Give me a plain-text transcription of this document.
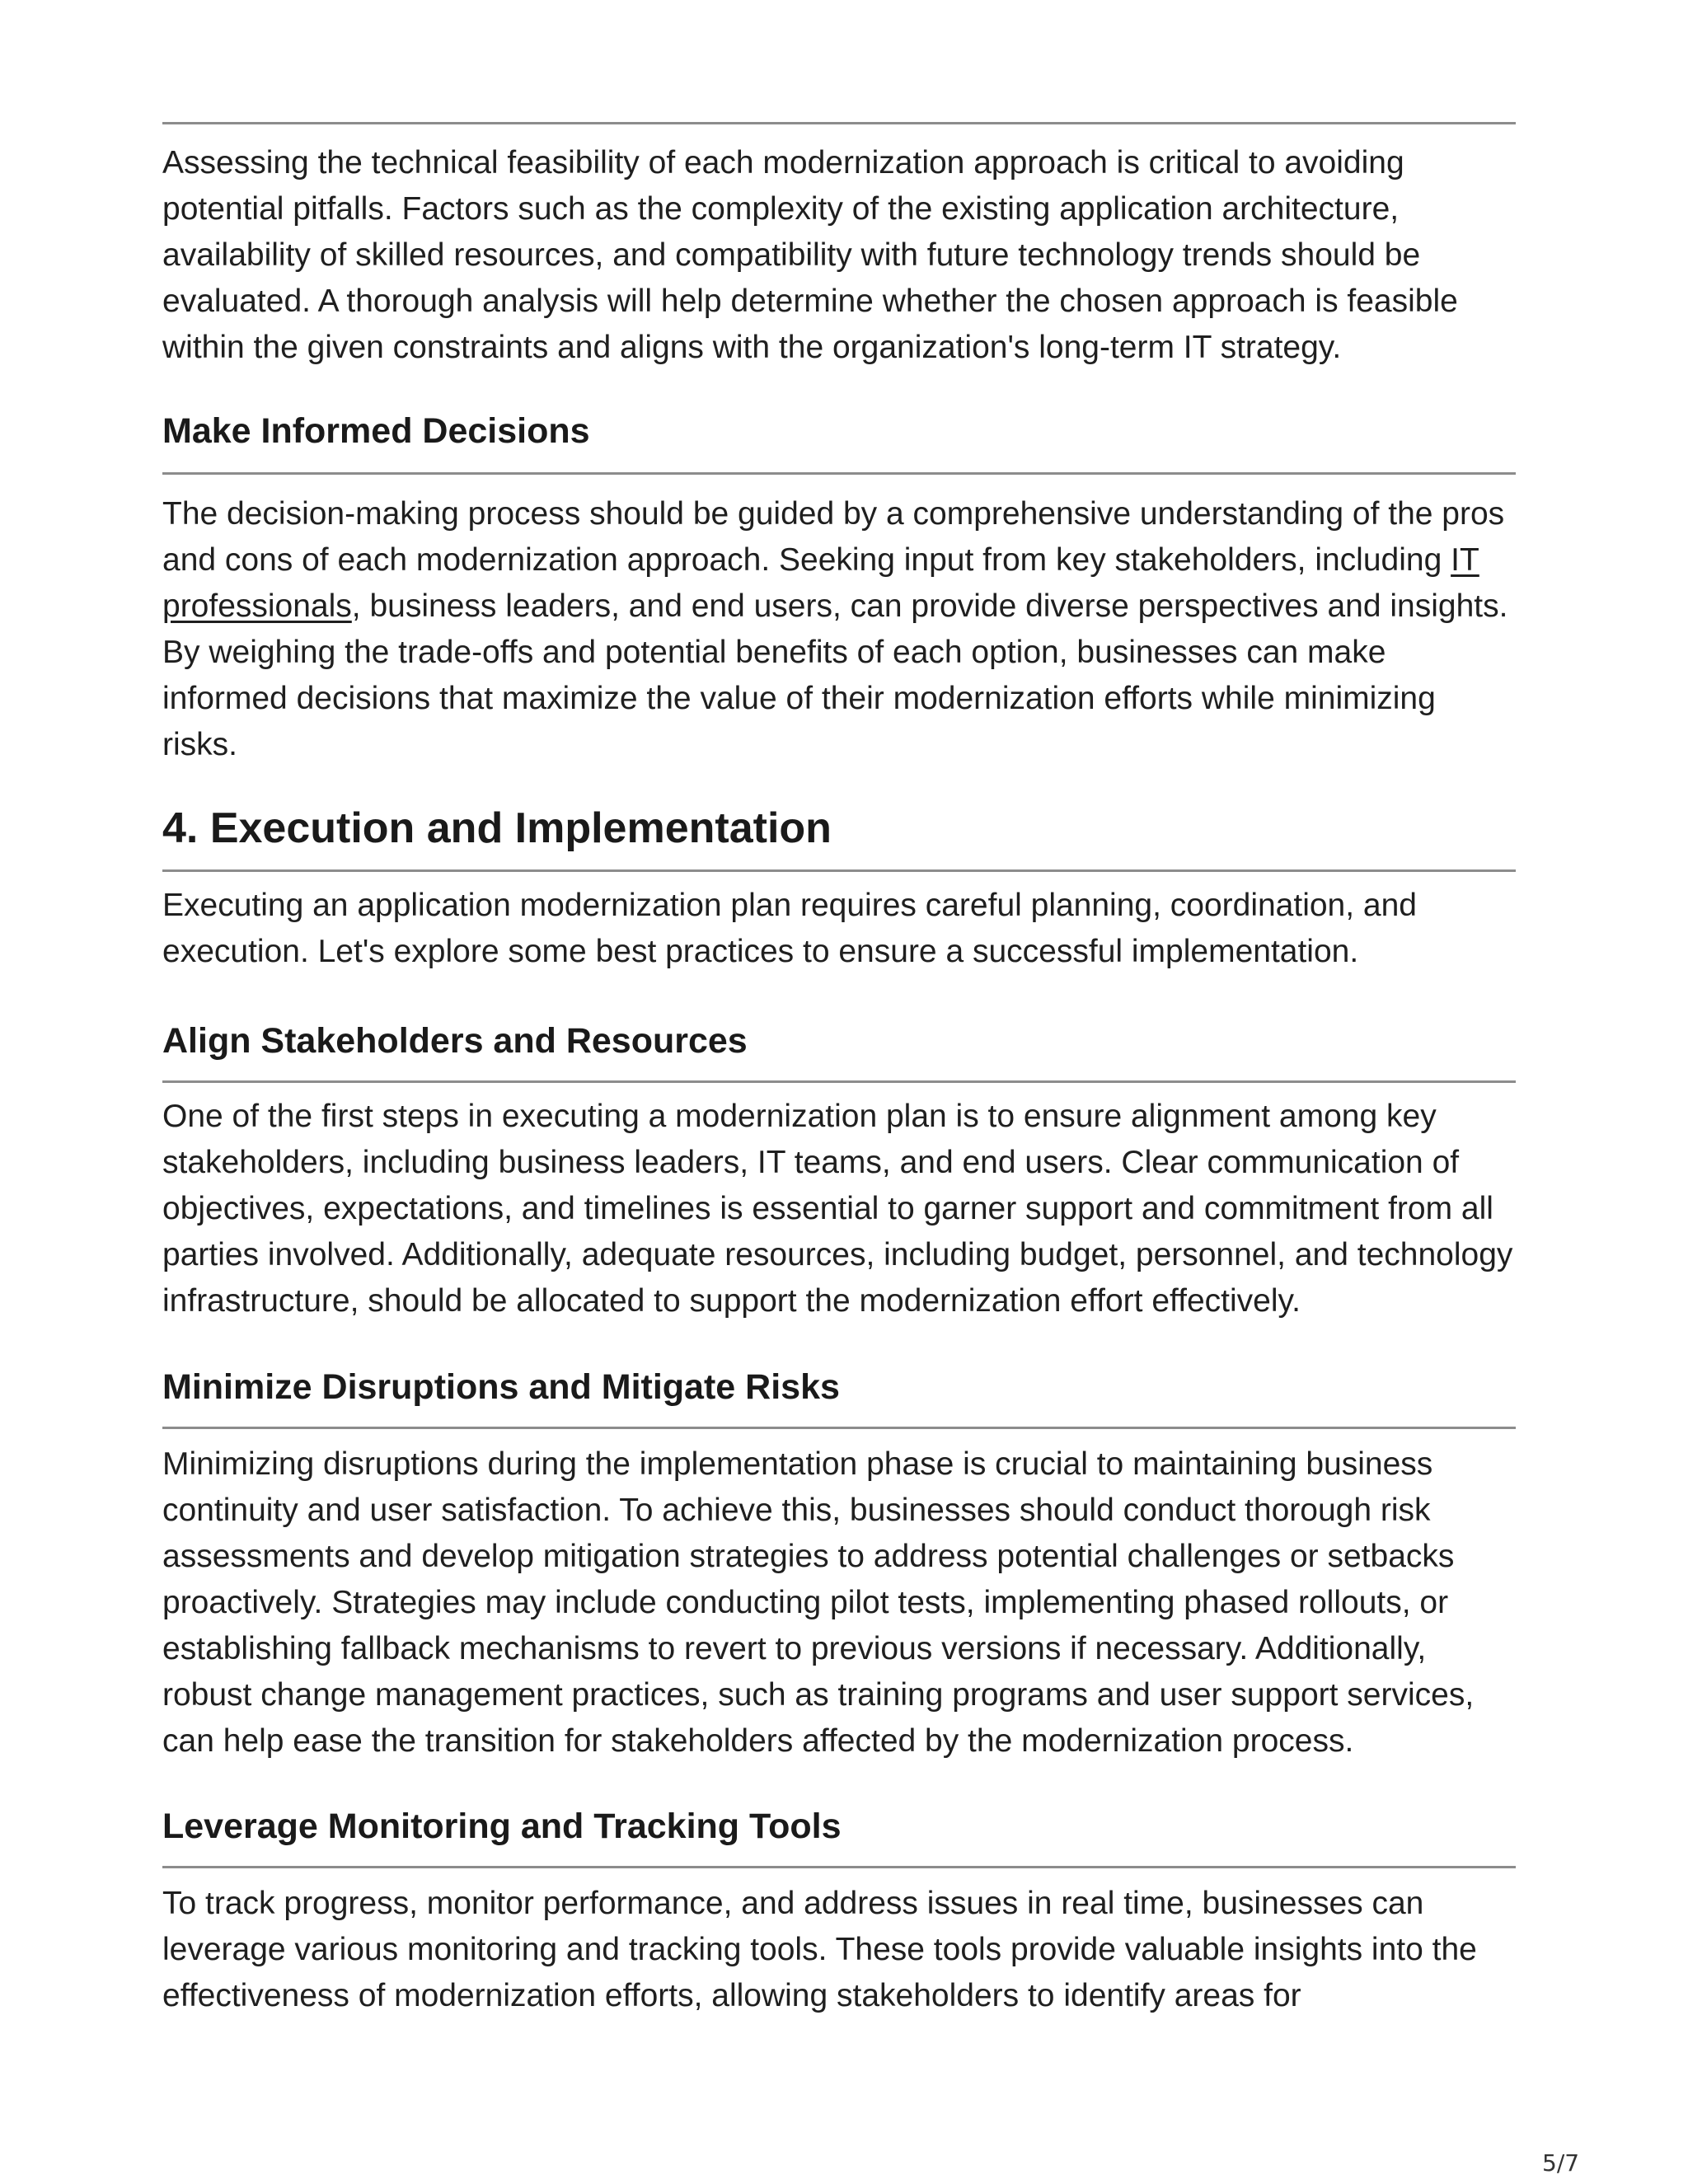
Assessing the technical feasibility of each modernization approach is critical to avoiding potential pitfalls. Factors such as the complexity of the existing application architecture, availability of skilled resources, and compatibility with future technology trends should be evaluated. A thorough analysis will help determine whether the chosen approach is feasible within the given constraints and aligns with the organization's long-term IT strategy.

Make Informed Decisions

The decision-making process should be guided by a comprehensive understanding of the pros and cons of each modernization approach. Seeking input from key stakeholders, including IT professionals, business leaders, and end users, can provide diverse perspectives and insights. By weighing the trade-offs and potential benefits of each option, businesses can make informed decisions that maximize the value of their modernization efforts while minimizing risks.

4. Execution and Implementation

Executing an application modernization plan requires careful planning, coordination, and execution. Let's explore some best practices to ensure a successful implementation.

Align Stakeholders and Resources

One of the first steps in executing a modernization plan is to ensure alignment among key stakeholders, including business leaders, IT teams, and end users. Clear communication of objectives, expectations, and timelines is essential to garner support and commitment from all parties involved. Additionally, adequate resources, including budget, personnel, and technology infrastructure, should be allocated to support the modernization effort effectively.

Minimize Disruptions and Mitigate Risks

Minimizing disruptions during the implementation phase is crucial to maintaining business continuity and user satisfaction. To achieve this, businesses should conduct thorough risk assessments and develop mitigation strategies to address potential challenges or setbacks proactively. Strategies may include conducting pilot tests, implementing phased rollouts, or establishing fallback mechanisms to revert to previous versions if necessary. Additionally, robust change management practices, such as training programs and user support services, can help ease the transition for stakeholders affected by the modernization process.

Leverage Monitoring and Tracking Tools

To track progress, monitor performance, and address issues in real time, businesses can leverage various monitoring and tracking tools. These tools provide valuable insights into the effectiveness of modernization efforts, allowing stakeholders to identify areas for

5/7
